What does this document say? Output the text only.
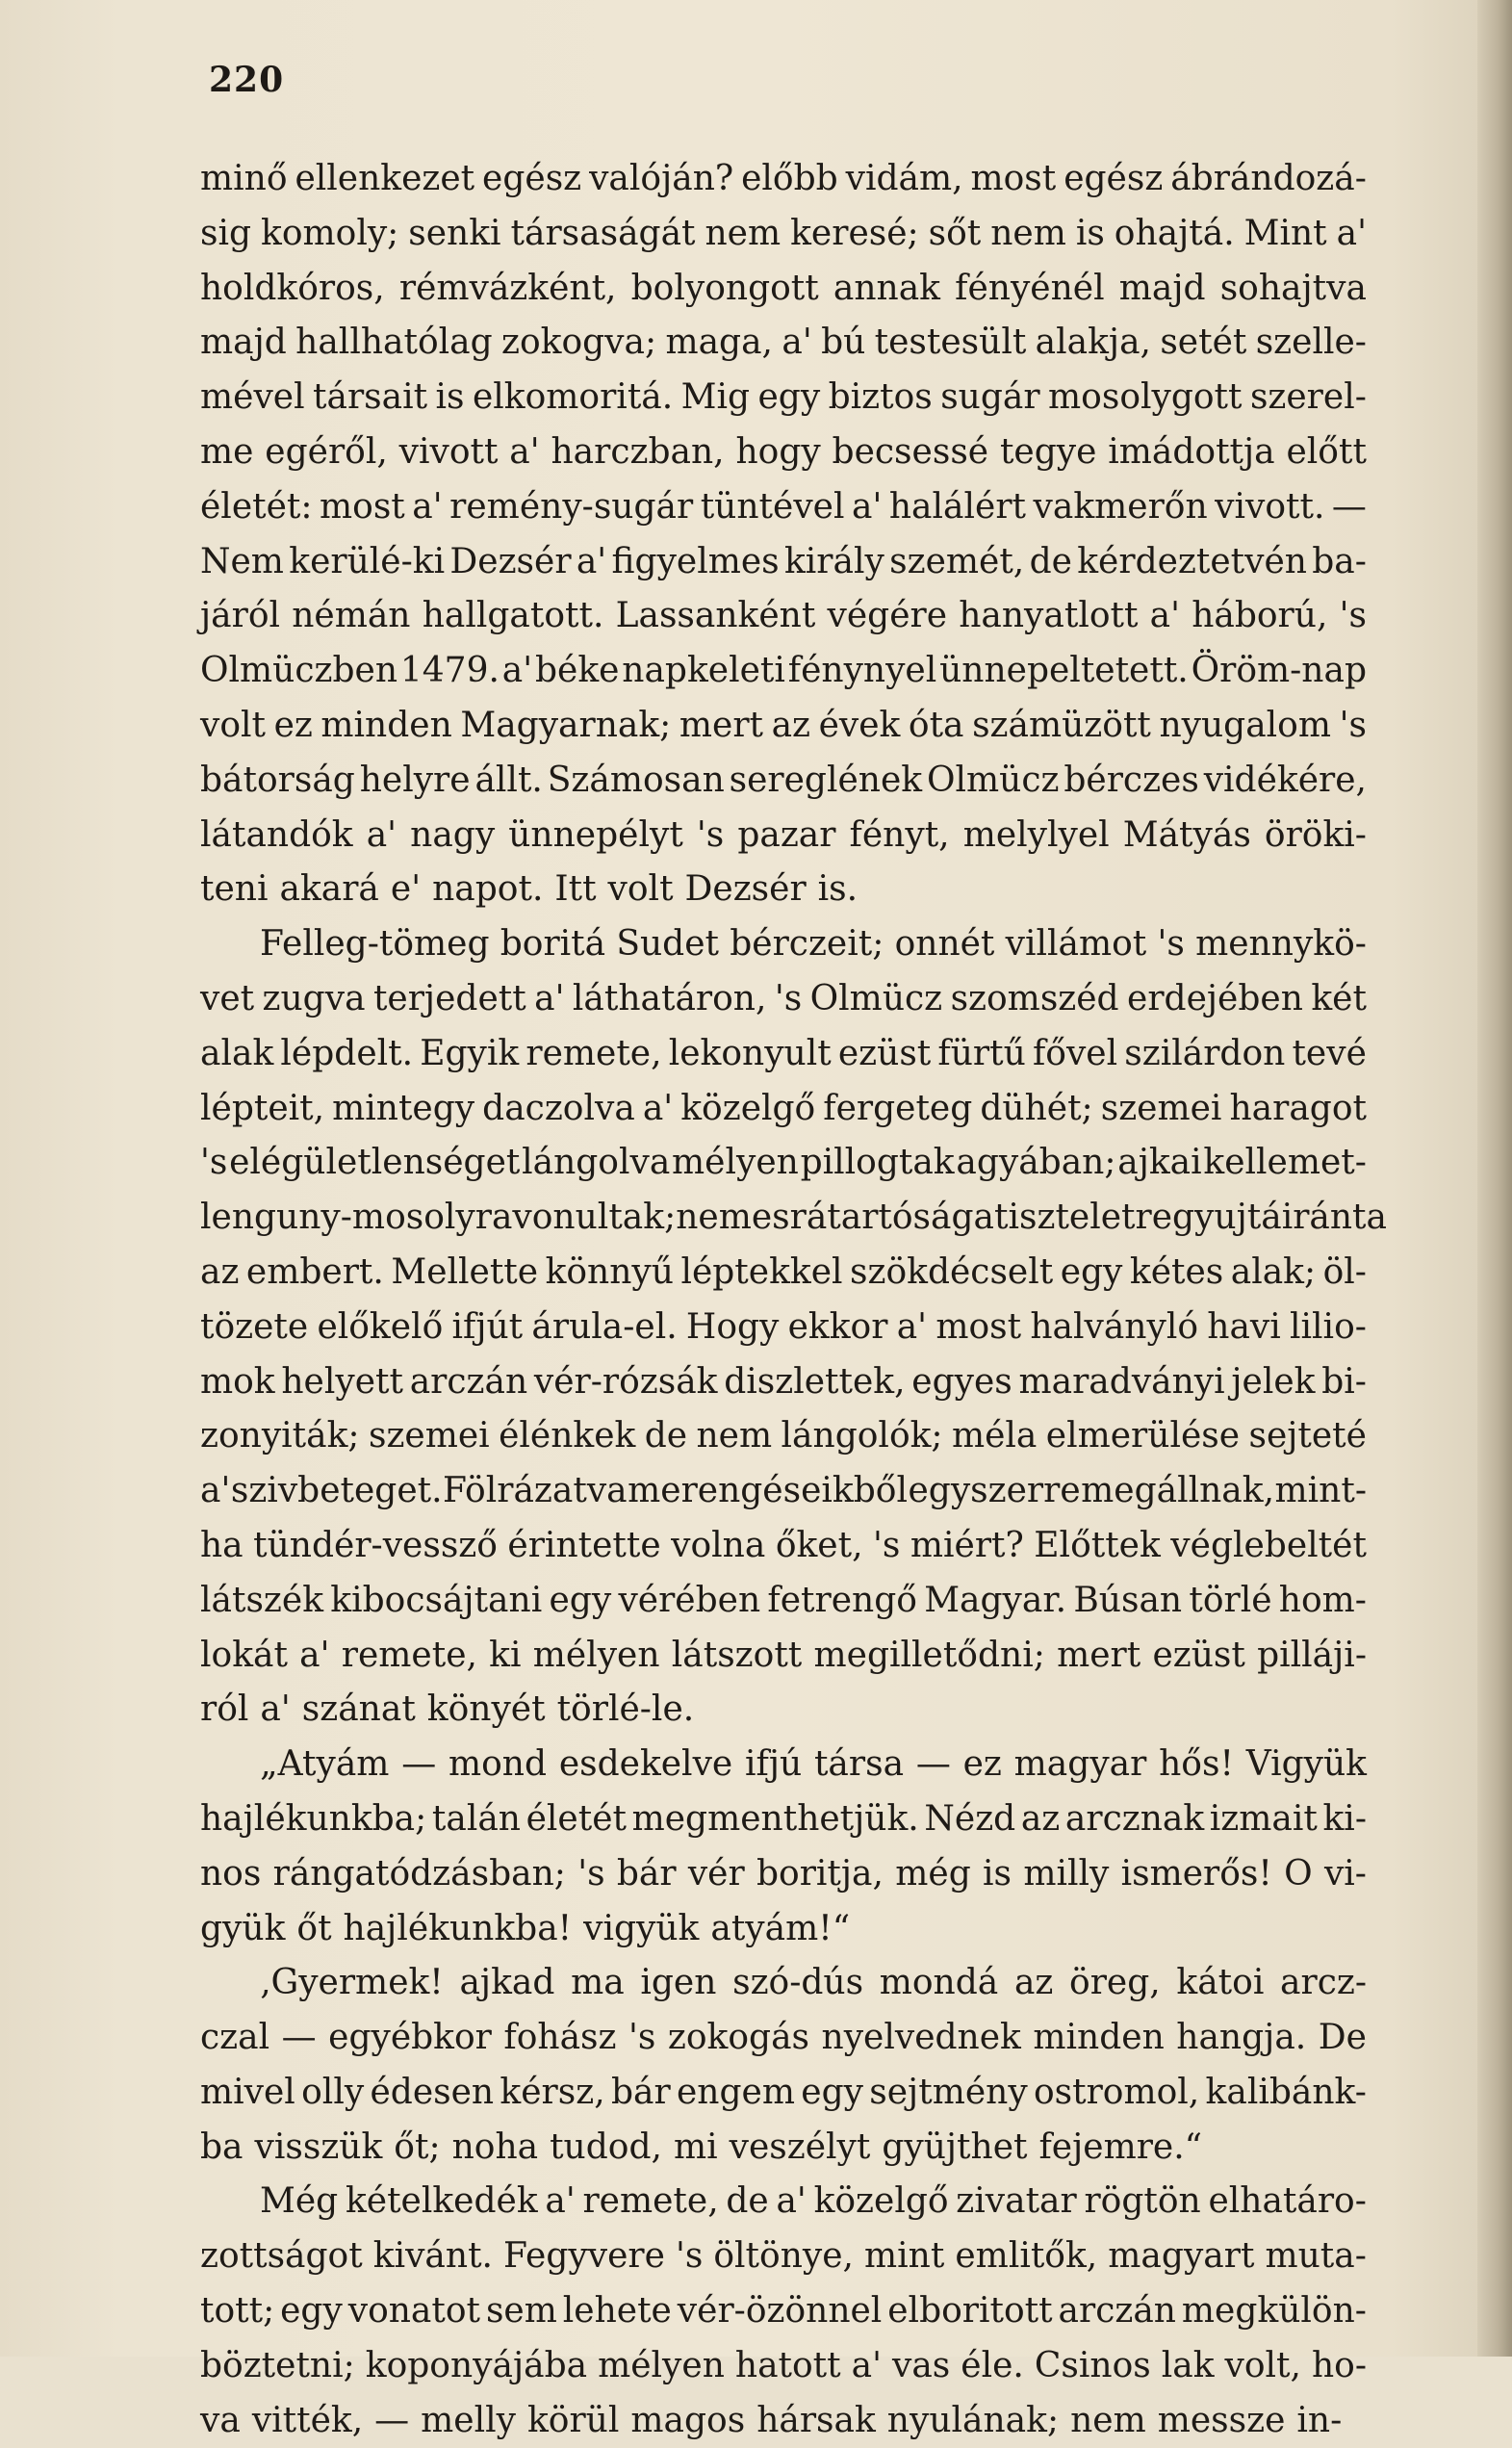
220
minő ellenkezet egész valóján? előbb vidám, most egész ábrándozá-
sig komoly; senki társaságát nem keresé; sőt nem is ohajtá. Mint a'
holdkóros, rémvázként, bolyongott annak fényénél majd sohajtva
majd hallhatólag zokogva; maga, a' bú testesült alakja, setét szelle-
mével társait is elkomoritá. Mig egy biztos sugár mosolygott szerel-
me egéről, vivott a' harczban, hogy becsessé tegye imádottja előtt
életét: most a' remény-sugár tüntével a' halálért vakmerőn vivott. —
Nem kerülé-ki Dezsér a' figyelmes király szemét, de kérdeztetvén ba-
járól némán hallgatott. Lassanként végére hanyatlott a' háború, 's
Olmüczben 1479. a' béke napkeleti fénynyel ünnepeltetett. Öröm-nap
volt ez minden Magyarnak; mert az évek óta számüzött nyugalom 's
bátorság helyre állt. Számosan sereglének Olmücz bérczes vidékére,
látandók a' nagy ünnepélyt 's pazar fényt, melylyel Mátyás öröki-
teni akará e' napot. Itt volt Dezsér is.
Felleg-tömeg boritá Sudet bérczeit; onnét villámot 's mennykö-
vet zugva terjedett a' láthatáron, 's Olmücz szomszéd erdejében két
alak lépdelt. Egyik remete, lekonyult ezüst fürtű fővel szilárdon tevé
lépteit, mintegy daczolva a' közelgő fergeteg dühét; szemei haragot
's elégületlenséget lángolva mélyen pillogtak agyában; ajkai kellemet-
len guny-mosolyra vonultak; nemes rátartósága tiszteletre gyujtá iránta
az embert. Mellette könnyű léptekkel szökdécselt egy kétes alak; öl-
tözete előkelő ifjút árula-el. Hogy ekkor a' most halványló havi lilio-
mok helyett arczán vér-rózsák diszlettek, egyes maradványi jelek bi-
zonyiták; szemei élénkek de nem lángolók; méla elmerülése sejteté
a' szivbeteget. Fölrázatva merengéseikből egyszerre megállnak, mint-
ha tündér-vessző érintette volna őket, 's miért? Előttek véglebeltét
látszék kibocsájtani egy vérében fetrengő Magyar. Búsan törlé hom-
lokát a' remete, ki mélyen látszott megilletődni; mert ezüst pilláji-
ról a' szánat könyét törlé-le.
„Atyám — mond esdekelve ifjú társa — ez magyar hős! Vigyük
hajlékunkba; talán életét megmenthetjük. Nézd az arcznak izmait ki-
nos rángatódzásban; 's bár vér boritja, még is milly ismerős! O vi-
gyük őt hajlékunkba! vigyük atyám!“
‚Gyermek! ajkad ma igen szó-dús mondá az öreg, kátoi arcz-
czal — egyébkor fohász 's zokogás nyelvednek minden hangja. De
mivel olly édesen kérsz, bár engem egy sejtmény ostromol, kalibánk-
ba visszük őt; noha tudod, mi veszélyt gyüjthet fejemre.“
Még kételkedék a' remete, de a' közelgő zivatar rögtön elhatáro-
zottságot kivánt. Fegyvere 's öltönye, mint emlitők, magyart muta-
tott; egy vonatot sem lehete vér-özönnel elboritott arczán megkülön-
böztetni; koponyájába mélyen hatott a' vas éle. Csinos lak volt, ho-
va vitték, — melly körül magos hársak nyulának; nem messze in-
